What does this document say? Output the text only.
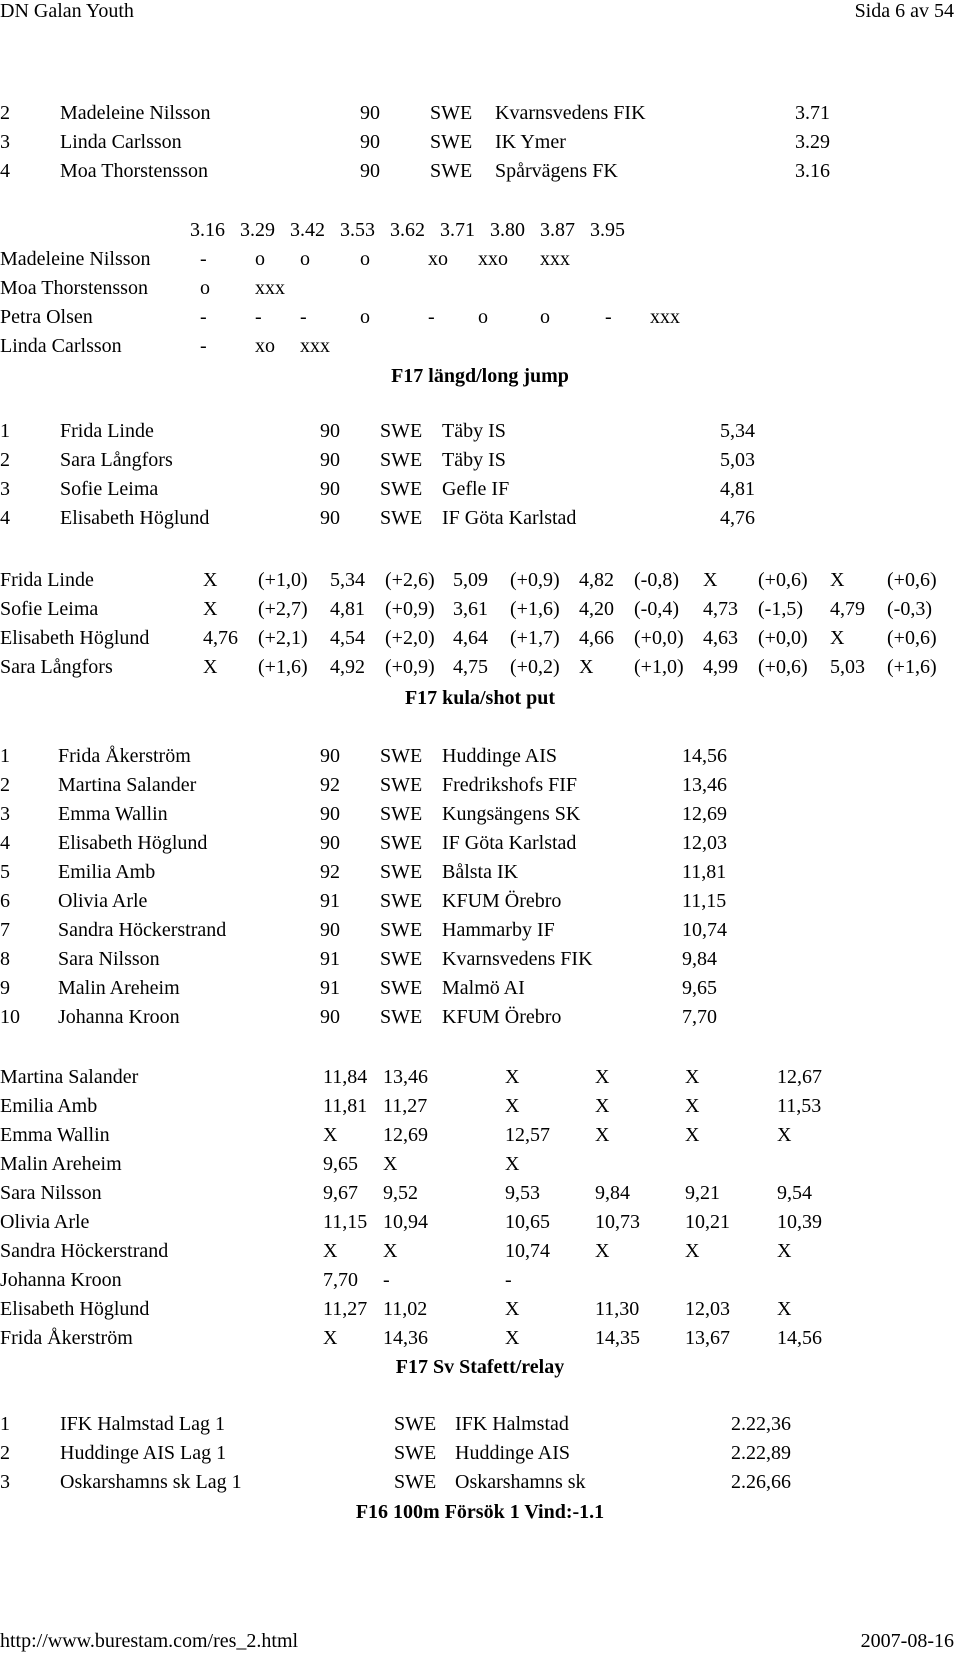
DN Galan Youth	Sida 6 av 54
2	Madeleine Nilsson	90	SWE Kvarnsvedens FIK	3.71
3	Linda Carlsson	90	SWE IK Ymer	3.29
4	Moa Thorstensson	90	SWE Spårvägens FK	3.16
3.16 3.29 3.42 3.53 3.62 3.71 3.80 3.87 3.95
Madeleine Nilsson - o o	o	xo xxo xxx
Moa Thorstensson	o xxx
Petra Olsen	- - -	o	- o	o	- xxx
Linda Carlsson	- xo xxx
F17 längd/long jump
1	Frida Linde	90 SWE Täby IS	5,34
2	Sara Långfors	90 SWE Täby IS	5,03
3	Sofie Leima	90 SWE Gefle IF	4,81
4	Elisabeth Höglund	90 SWE IF Göta Karlstad	4,76
Frida Linde	X (+1,0) 5,34 (+2,6) 5,09 (+0,9) 4,82 (-0,8) X (+0,6) X (+0,6)
Sofie Leima	X (+2,7) 4,81 (+0,9) 3,61 (+1,6) 4,20 (-0,4) 4,73 (-1,5) 4,79 (-0,3)
Elisabeth Höglund	4,76 (+2,1) 4,54 (+2,0) 4,64 (+1,7) 4,66 (+0,0) 4,63 (+0,0) X (+0,6)
Sara Långfors	X (+1,6) 4,92 (+0,9) 4,75 (+0,2) X (+1,0) 4,99 (+0,6) 5,03 (+1,6)
F17 kula/shot put
1 Frida Åkerström	90 SWE Huddinge AIS	14,56
2 Martina Salander	92 SWE Fredrikshofs FIF	13,46
3 Emma Wallin	90 SWE Kungsängens SK	12,69
4 Elisabeth Höglund	90 SWE IF Göta Karlstad	12,03
5 Emilia Amb	92 SWE Bålsta IK	11,81
6 Olivia Arle	91 SWE KFUM Örebro	11,15
7 Sandra Höckerstrand	90 SWE Hammarby IF	10,74
8 Sara Nilsson	91 SWE Kvarnsvedens FIK	9,84
9 Malin Areheim	91 SWE Malmö AI	9,65
10 Johanna Kroon	90 SWE KFUM Örebro	7,70
Martina Salander	11,84 13,46	X	X	X	12,67
Emilia Amb	11,81 11,27	X	X	X	11,53
Emma Wallin	X 12,69	12,57 X	X	X
Malin Areheim	9,65 X	X
Sara Nilsson	9,67 9,52	9,53	9,84	9,21	9,54
Olivia Arle	11,15 10,94	10,65 10,73 10,21 10,39
Sandra Höckerstrand	X X	10,74 X	X	X
Johanna Kroon	7,70 -	-
Elisabeth Höglund	11,27 11,02	X	11,30 12,03 X
Frida Åkerström	X 14,36	X	14,35 13,67 14,56
F17 Sv Stafett/relay
1	IFK Halmstad Lag 1	SWE IFK Halmstad	2.22,36
2	Huddinge AIS Lag 1	SWE Huddinge AIS	2.22,89
3	Oskarshamns sk Lag 1	SWE Oskarshamns sk	2.26,66
F16 100m Försök 1 Vind:-1.1
http://www.burestam.com/res_2.html	2007-08-16
